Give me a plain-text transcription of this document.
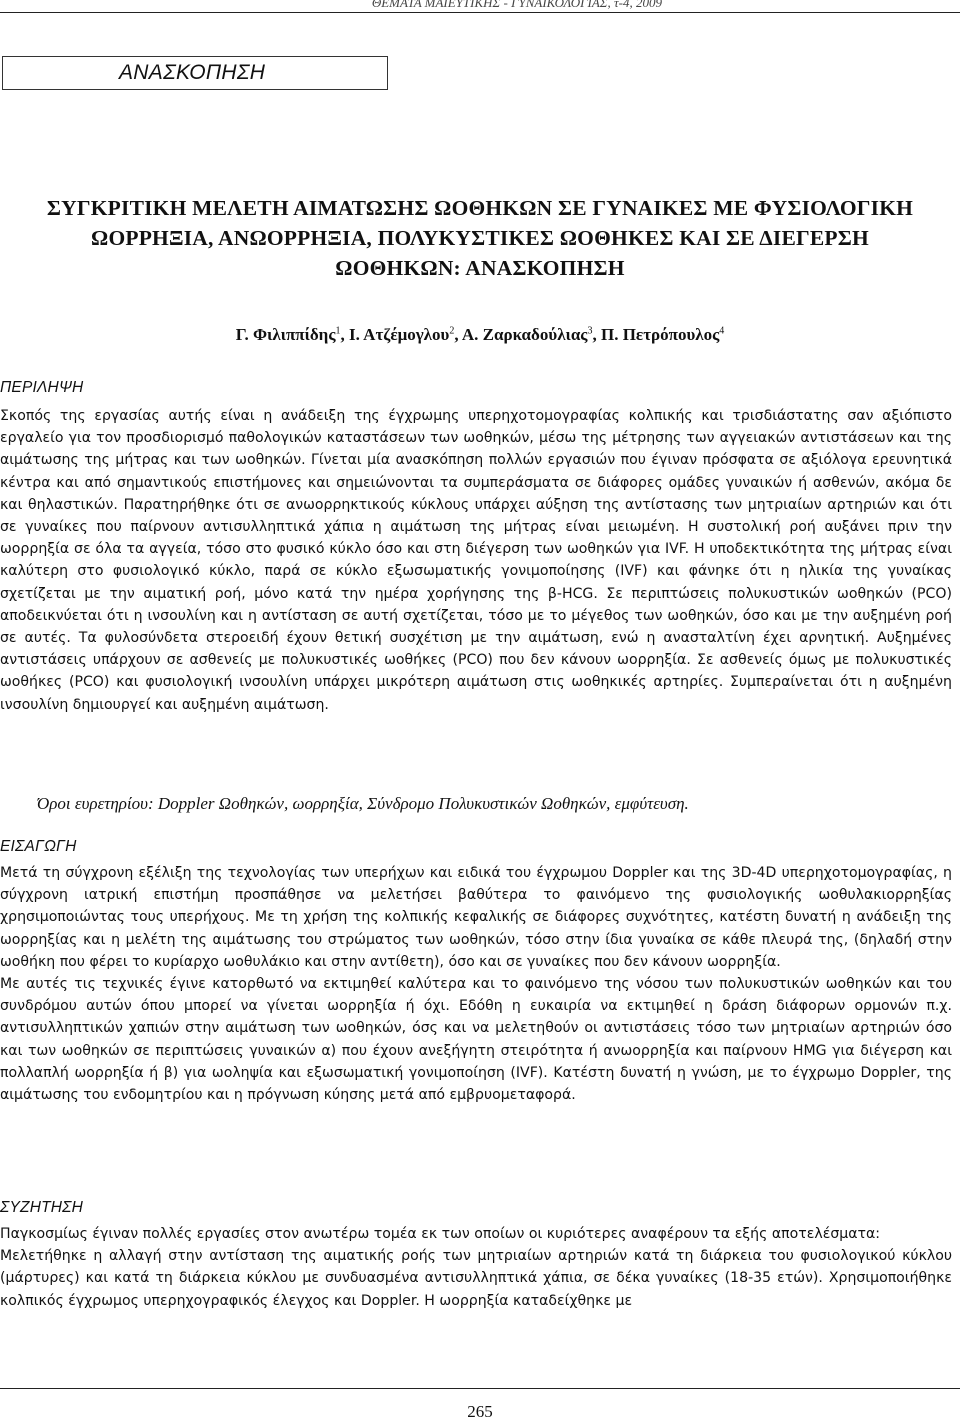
ΘΕΜΑΤΑ ΜΑΙΕΥΤΙΚΗΣ - ΓΥΝΑΙΚΟΛΟΓΙΑΣ, τ-4, 2009
ΑΝΑΣΚΟΠΗΣΗ
ΣΥΓΚΡΙΤΙΚΗ ΜΕΛΕΤΗ ΑΙΜΑΤΩΣΗΣ ΩΟΘΗΚΩΝ ΣΕ ΓΥΝΑΙΚΕΣ ΜΕ ΦΥΣΙΟΛΟΓΙΚΗ
ΩΟΡΡΗΞΙΑ, ΑΝΩΟΡΡΗΞΙΑ, ΠΟΛΥΚΥΣΤΙΚΕΣ ΩΟΘΗΚΕΣ ΚΑΙ ΣΕ ΔΙΕΓΕΡΣΗ
ΩΟΘΗΚΩΝ: ΑΝΑΣΚΟΠΗΣΗ
Γ. Φιλιππίδης$^1$, Ι. Ατζέμογλου$^2$, Α. Ζαρκαδούλιας$^3$, Π. Πετρόπουλος$^4$
ΠΕΡΙΛΗΨΗ

Σκοπός της εργασίας αυτής είναι η ανάδειξη της έγχρωμης υπερηχοτομογραφίας κολπικής και τρισδιάστατης σαν αξιόπιστο εργαλείο για τον προσδιορισμό παθολογικών καταστάσεων των ωοθηκών, μέσω της μέτρησης των αγγειακών αντιστάσεων και της αιμάτωσης της μήτρας και των ωοθηκών. Γίνεται μία ανασκόπηση πολλών εργασιών που έγιναν πρόσφατα σε αξιόλογα ερευνητικά κέντρα και από σημαντικούς επιστήμονες και σημειώνονται τα συμπεράσματα σε διάφορες ομάδες γυναικών ή ασθενών, ακόμα δε και θηλαστικών. Παρατηρήθηκε ότι σε ανωορρηκτικούς κύκλους υπάρχει αύξηση της αντίστασης των μητριαίων αρτηριών και ότι σε γυναίκες που παίρνουν αντισυλληπτικά χάπια η αιμάτωση της μήτρας είναι μειωμένη. Η συστολική ροή αυξάνει πριν την ωορρηξία σε όλα τα αγγεία, τόσο στο φυσικό κύκλο όσο και στη διέγερση των ωοθηκών για IVF. Η υποδεκτικότητα της μήτρας είναι καλύτερη στο φυσιολογικό κύκλο, παρά σε κύκλο εξωσωματικής γονιμοποίησης (IVF) και φάνηκε ότι η ηλικία της γυναίκας σχετίζεται με την αιματική ροή, μόνο κατά την ημέρα χορήγησης της β-HCG. Σε περιπτώσεις πολυκυστικών ωοθηκών (PCO) αποδεικνύεται ότι η ινσουλίνη και η αντίσταση σε αυτή σχετίζεται, τόσο με το μέγεθος των ωοθηκών, όσο και με την αυξημένη ροή σε αυτές. Τα φυλοσύνδετα στεροειδή έχουν θετική συσχέτιση με την αιμάτωση, ενώ η ανασταλτίνη έχει αρνητική. Αυξημένες αντιστάσεις υπάρχουν σε ασθενείς με πολυκυστικές ωοθήκες (PCO) που δεν κάνουν ωορρηξία. Σε ασθενείς όμως με πολυκυστικές ωοθήκες (PCO) και φυσιολογική ινσουλίνη υπάρχει μικρότερη αιμάτωση στις ωοθηκικές αρτηρίες. Συμπεραίνεται ότι η αυξημένη ινσουλίνη δημιουργεί και αυξημένη αιμάτωση.

Όροι ευρετηρίου: Doppler Ωοθηκών, ωορρηξία, Σύνδρομο Πολυκυστικών Ωοθηκών, εμφύτευση.
ΕΙΣΑΓΩΓΗ

Μετά τη σύγχρονη εξέλιξη της τεχνολογίας των υπερήχων και ειδικά του έγχρωμου Doppler και της 3D-4D υπερηχοτομογραφίας, η σύγχρονη ιατρική επιστήμη προσπάθησε να μελετήσει βαθύτερα το φαινόμενο της φυσιολογικής ωοθυλακιορρηξίας χρησιμοποιώντας τους υπερήχους. Με τη χρήση της κολπικής κεφαλικής σε διάφορες συχνότητες, κατέστη δυνατή η ανάδειξη της ωορρηξίας και η μελέτη της αιμάτωσης του στρώματος των ωοθηκών, τόσο στην ίδια γυναίκα σε κάθε πλευρά της, (δηλαδή στην ωοθήκη που φέρει το κυρίαρχο ωοθυλάκιο και στην αντίθετη), όσο και σε γυναίκες που δεν κάνουν ωορρηξία.

Με αυτές τις τεχνικές έγινε κατορθωτό να εκτιμηθεί καλύτερα και το φαινόμενο της νόσου των πολυκυστικών ωοθηκών και του συνδρόμου αυτών όπου μπορεί να γίνεται ωορρηξία ή όχι. Εδόθη η ευκαιρία να εκτιμηθεί η δράση διάφορων ορμονών π.χ. αντισυλληπτικών χαπιών στην αιμάτωση των ωοθηκών, όσς και να μελετηθούν οι αντιστάσεις τόσο των μητριαίων αρτηριών όσο και των ωοθηκών σε περιπτώσεις γυναικών α) που έχουν ανεξήγητη στειρότητα ή ανωορρηξία και παίρνουν HMG για διέγερση και πολλαπλή ωορρηξία ή β) για ωοληψία και εξωσωματική γονιμοποίηση (IVF). Κατέστη δυνατή η γνώση, με το έγχρωμο Doppler, της αιμάτωσης του ενδομητρίου και η πρόγνωση κύησης μετά από εμβρυομεταφορά.

ΣΥΖΗΤΗΣΗ

Παγκοσμίως έγιναν πολλές εργασίες στον ανωτέρω τομέα εκ των οποίων οι κυριότερες αναφέρουν τα εξής αποτελέσματα:

Μελετήθηκε η αλλαγή στην αντίσταση της αιματικής ροής των μητριαίων αρτηριών κατά τη διάρκεια του φυσιολογικού κύκλου (μάρτυρες) και κατά τη διάρκεια κύκλου με συνδυασμένα αντισυλληπτικά χάπια, σε δέκα γυναίκες (18-35 ετών). Χρησιμοποιήθηκε κολπικός έγχρωμος υπερηχογραφικός έλεγχος και Doppler. Η ωορρηξία καταδείχθηκε με

265
